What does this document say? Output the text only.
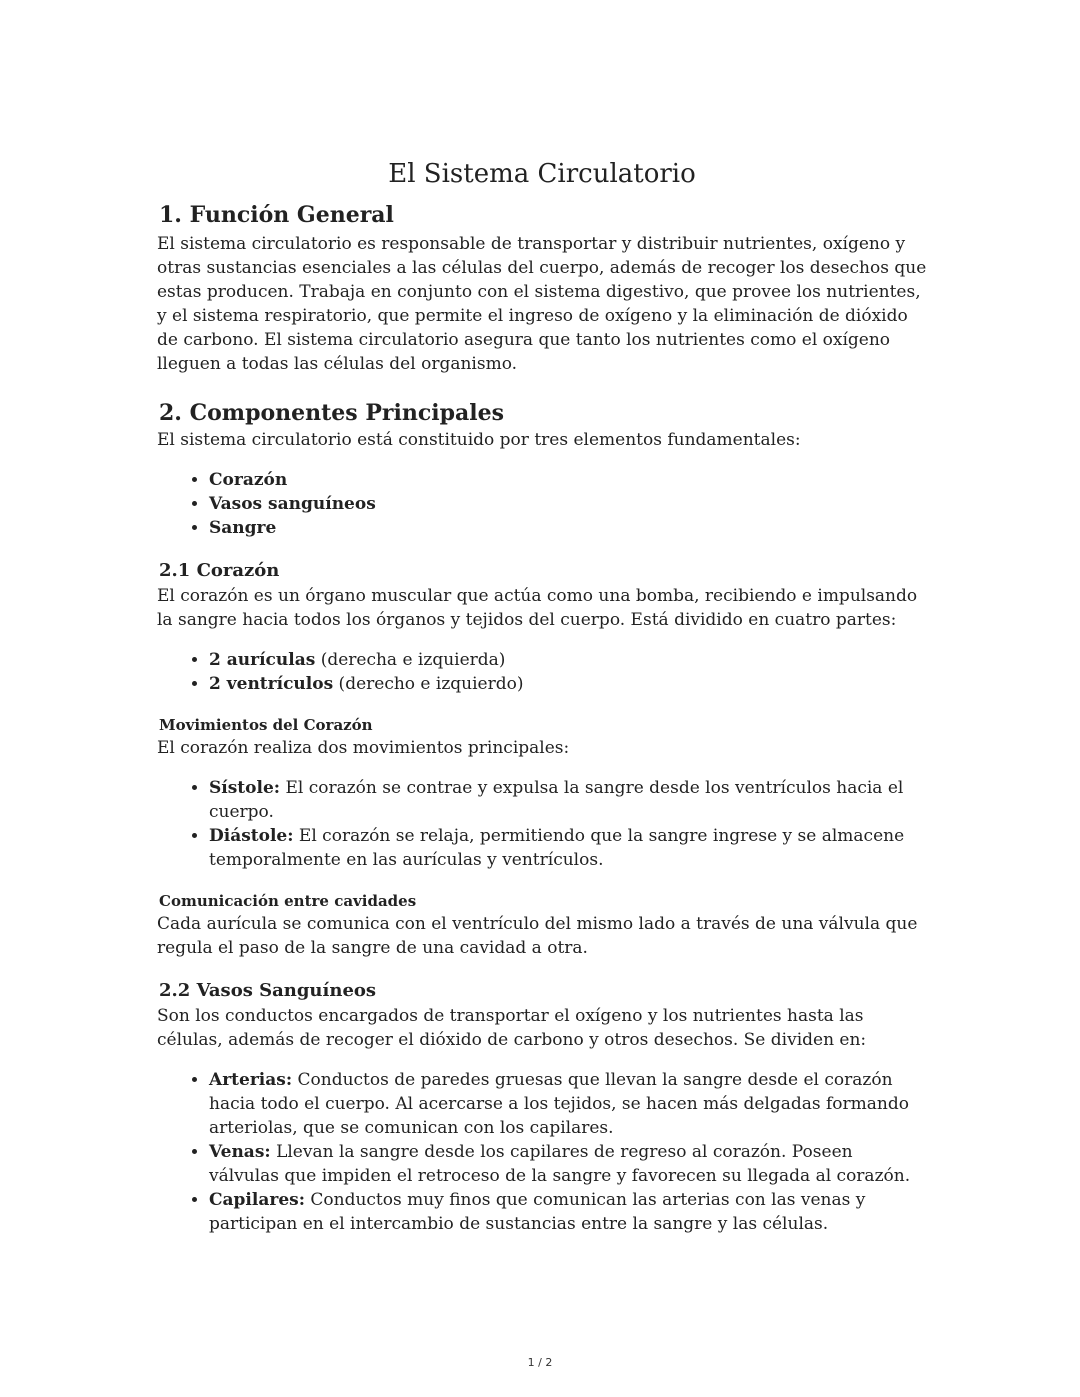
El Sistema Circulatorio
1. Función General

El sistema circulatorio es responsable de transportar y distribuir nutrientes, oxígeno y otras sustancias esenciales a las células del cuerpo, además de recoger los desechos que estas producen. Trabaja en conjunto con el sistema digestivo, que provee los nutrientes, y el sistema respiratorio, que permite el ingreso de oxígeno y la eliminación de dióxido de carbono. El sistema circulatorio asegura que tanto los nutrientes como el oxígeno lleguen a todas las células del organismo.

2. Componentes Principales

El sistema circulatorio está constituido por tres elementos fundamentales:

• Corazón
• Vasos sanguíneos
• Sangre
2.1 Corazón

El corazón es un órgano muscular que actúa como una bomba, recibiendo e impulsando la sangre hacia todos los órganos y tejidos del cuerpo. Está dividido en cuatro partes:

• 2 aurículas (derecha e izquierda)
• 2 ventrículos (derecho e izquierdo)
Movimientos del Corazón

El corazón realiza dos movimientos principales:

• Sístole: El corazón se contrae y expulsa la sangre desde los ventrículos hacia el cuerpo.
• Diástole: El corazón se relaja, permitiendo que la sangre ingrese y se almacene temporalmente en las aurículas y ventrículos.
Comunicación entre cavidades

Cada aurícula se comunica con el ventrículo del mismo lado a través de una válvula que regula el paso de la sangre de una cavidad a otra.

2.2 Vasos Sanguíneos

Son los conductos encargados de transportar el oxígeno y los nutrientes hasta las células, además de recoger el dióxido de carbono y otros desechos. Se dividen en:

• Arterias: Conductos de paredes gruesas que llevan la sangre desde el corazón hacia todo el cuerpo. Al acercarse a los tejidos, se hacen más delgadas formando arteriolas, que se comunican con los capilares.
• Venas: Llevan la sangre desde los capilares de regreso al corazón. Poseen válvulas que impiden el retroceso de la sangre y favorecen su llegada al corazón.
• Capilares: Conductos muy finos que comunican las arterias con las venas y participan en el intercambio de sustancias entre la sangre y las células.
1 / 2
